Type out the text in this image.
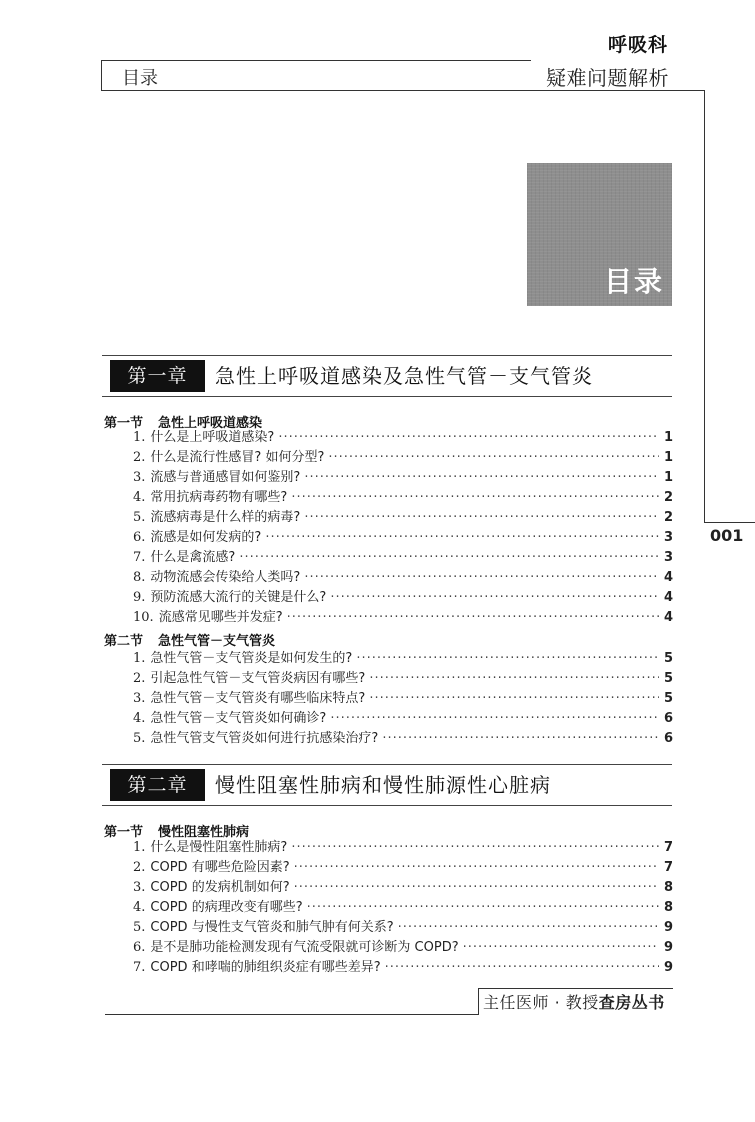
呼吸科
目录	疑难问题解析
001
目录
第一章	急性上呼吸道感染及急性气管－支气管炎
第一节 急性上呼吸道感染
1. 什么是上呼吸道感染? ·····	1
2. 什么是流行性感冒? 如何分型? ·····	1
3. 流感与普通感冒如何鉴别? ·····	1
4. 常用抗病毒药物有哪些? ·····	2
5. 流感病毒是什么样的病毒? ·····	2
6. 流感是如何发病的? ·····	3
7. 什么是禽流感? ·····	3
8. 动物流感会传染给人类吗? ·····	4
9. 预防流感大流行的关键是什么? ·····	4
10. 流感常见哪些并发症? ·····	4
第二节 急性气管－支气管炎
1. 急性气管－支气管炎是如何发生的? ·····	5
2. 引起急性气管－支气管炎病因有哪些? ·····	5
3. 急性气管－支气管炎有哪些临床特点? ·····	5
4. 急性气管－支气管炎如何确诊? ·····	6
5. 急性气管支气管炎如何进行抗感染治疗? ·····	6
第二章	慢性阻塞性肺病和慢性肺源性心脏病
第一节 慢性阻塞性肺病
1. 什么是慢性阻塞性肺病? ·····	7
2. COPD 有哪些危险因素? ·····	7
3. COPD 的发病机制如何? ·····	8
4. COPD 的病理改变有哪些? ·····	8
5. COPD 与慢性支气管炎和肺气肿有何关系? ·····	9
6. 是不是肺功能检测发现有气流受限就可诊断为 COPD? ·····	9
7. COPD 和哮喘的肺组织炎症有哪些差异? ·····	9
主任医师 · 教授查房丛书
